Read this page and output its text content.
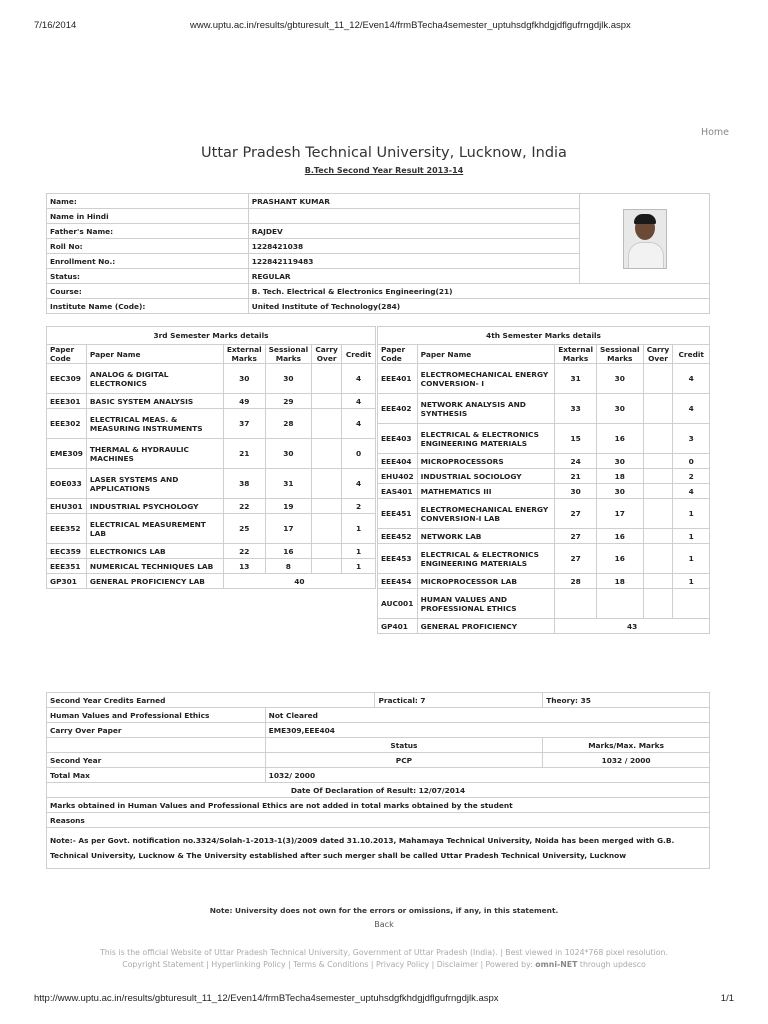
7/16/2014	www.uptu.ac.in/results/gbturesult_11_12/Even14/frmBTecha4semester_uptuhsdgfkhdgjdflgufrngdjlk.aspx
Home
Uttar Pradesh Technical University, Lucknow, India
B.Tech Second Year Result 2013-14
Name:	PRASHANT KUMAR	

Name in Hindi		
Father's Name:	RAJDEV	
Roll No:	1228421038	
Enrollment No.:	122842119483	
Status:	REGULAR	
Course:	B. Tech. Electrical & Electronics Engineering(21)	
Institute Name (Code):	United Institute of Technology(284)	
3rd Semester Marks details					
Paper Code	Paper Name	External Marks	Sessional Marks	Carry Over	Credit

EEC309	ANALOG & DIGITAL ELECTRONICS	30	30		4
EEE301	BASIC SYSTEM ANALYSIS	49	29		4
EEE302	ELECTRICAL MEAS. & MEASURING INSTRUMENTS	37	28		4
EME309	THERMAL & HYDRAULIC MACHINES	21	30		0
EOE033	LASER SYSTEMS AND APPLICATIONS	38	31		4
EHU301	INDUSTRIAL PSYCHOLOGY	22	19		2
EEE352	ELECTRICAL MEASUREMENT LAB	25	17		1
EEC359	ELECTRONICS LAB	22	16		1
EEE351	NUMERICAL TECHNIQUES LAB	13	8		1
GP301	GENERAL PROFICIENCY LAB	40			
4th Semester Marks details					
Paper Code	Paper Name	External Marks	Sessional Marks	Carry Over	Credit

EEE401	ELECTROMECHANICAL ENERGY CONVERSION- I	31	30		4
EEE402	NETWORK ANALYSIS AND SYNTHESIS	33	30		4
EEE403	ELECTRICAL & ELECTRONICS ENGINEERING MATERIALS	15	16		3
EEE404	MICROPROCESSORS	24	30		0
EHU402	INDUSTRIAL SOCIOLOGY	21	18		2
EAS401	MATHEMATICS III	30	30		4
EEE451	ELECTROMECHANICAL ENERGY CONVERSION-I LAB	27	17		1
EEE452	NETWORK LAB	27	16		1
EEE453	ELECTRICAL & ELECTRONICS ENGINEERING MATERIALS	27	16		1
EEE454	MICROPROCESSOR LAB	28	18		1
AUC001	HUMAN VALUES AND PROFESSIONAL ETHICS				
GP401	GENERAL PROFICIENCY	43			
Second Year Credits Earned		Practical: 7	Theory: 35
Human Values and Professional Ethics	Not Cleared		
Carry Over Paper	EME309,EEE404		
	Status		Marks/Max. Marks
Second Year	PCP		1032 / 2000
Total Max	1032/ 2000		
Date Of Declaration of Result: 12/07/2014			
Marks obtained in Human Values and Professional Ethics are not added in total marks obtained by the student			
Reasons			
Note:- As per Govt. notification no.3324/Solah-1-2013-1(3)/2009 dated 31.10.2013, Mahamaya Technical University, Noida has been merged with G.B. Technical University, Lucknow & The University established after such merger shall be called Uttar Pradesh Technical University, Lucknow			
Note: University does not own for the errors or omissions, if any, in this statement.
Back
This is the official Website of Uttar Pradesh Technical University, Government of Uttar Pradesh (India). | Best viewed in 1024*768 pixel resolution.
Copyright Statement | Hyperlinking Policy | Terms & Conditions | Privacy Policy | Disclaimer | Powered by: omni-NET through updesco
http://www.uptu.ac.in/results/gbturesult_11_12/Even14/frmBTecha4semester_uptuhsdgfkhdgjdflgufrngdjlk.aspx	1/1
